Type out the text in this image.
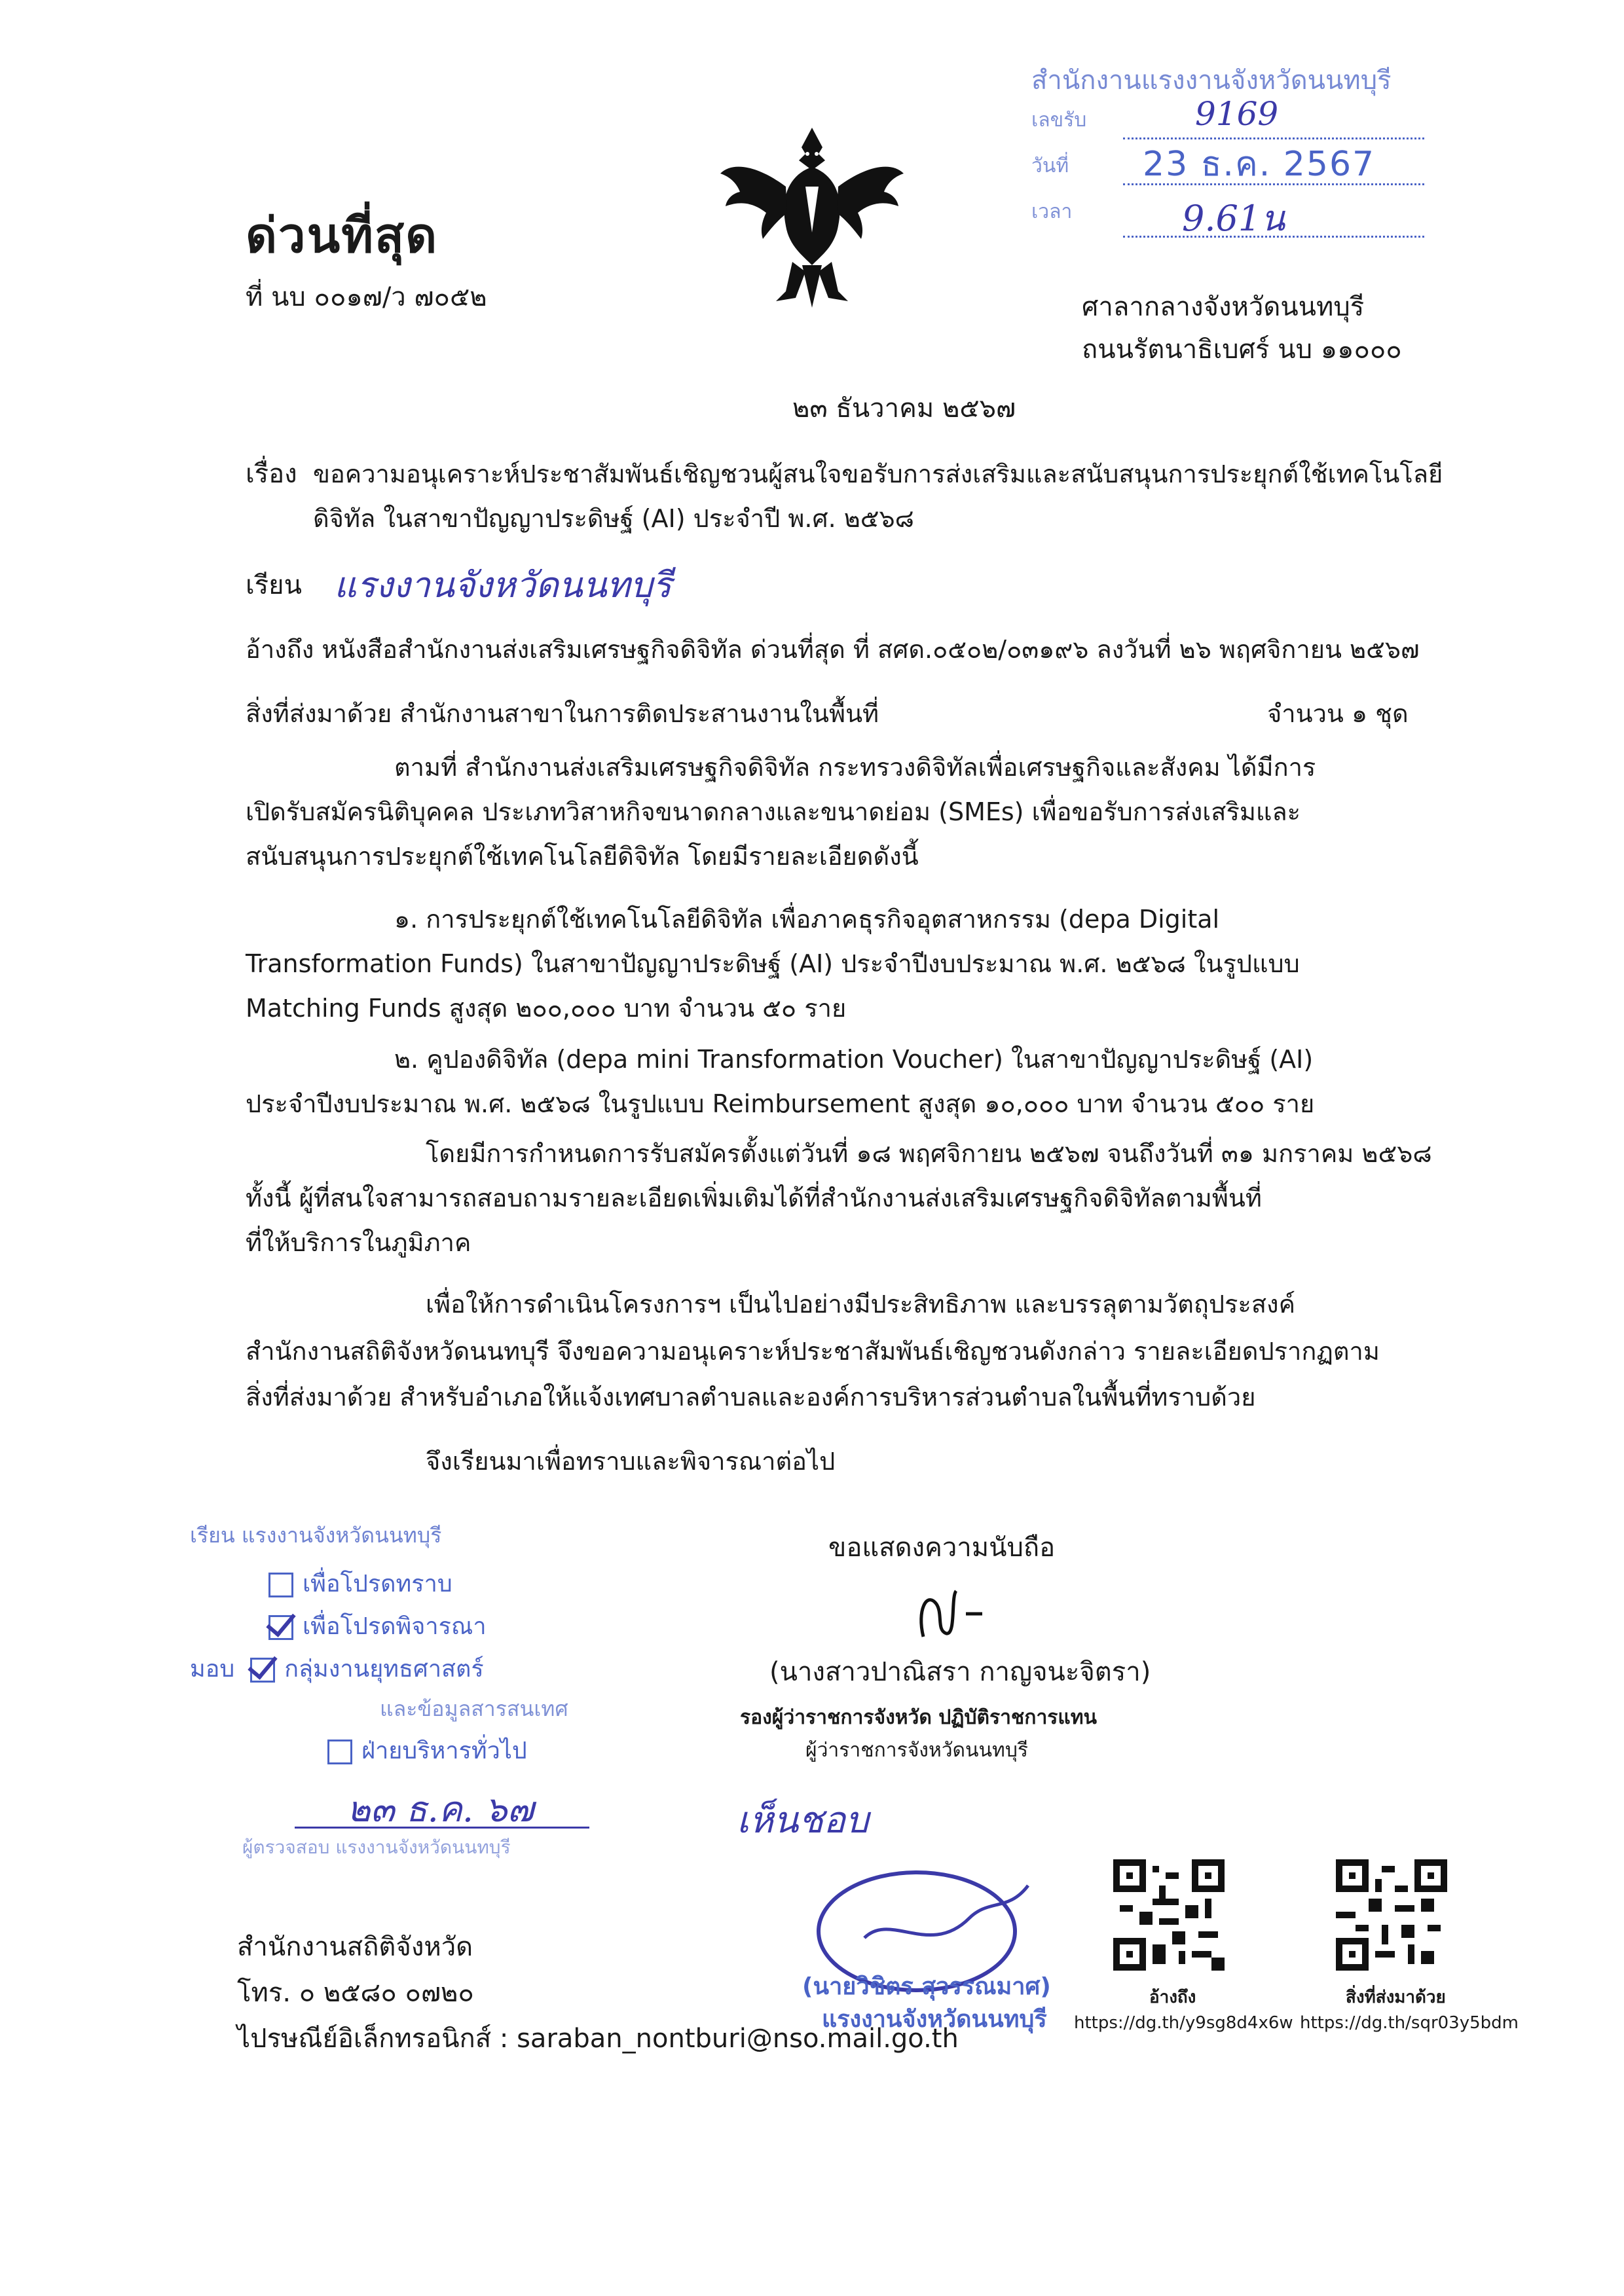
สำนักงานแรงงานจังหวัดนนทบุรี
เลขรับ	9169
วันที่ 23 ธ.ค. 2567
เวลา	9.61น
ด่วนที่สุด
ที่ นบ ๐๐๑๗/ว ๗๐๕๒	ศาลากลางจังหวัดนนทบุรี
ถนนรัตนาธิเบศร์ นบ ๑๑๐๐๐
๒๓ ธันวาคม ๒๕๖๗
เรื่อง ขอความอนุเคราะห์ประชาสัมพันธ์เชิญชวนผู้สนใจขอรับการส่งเสริมและสนับสนุนการประยุกต์ใช้เทคโนโลยี
ดิจิทัล ในสาขาปัญญาประดิษฐ์ (AI) ประจำปี พ.ศ. ๒๕๖๘
เรียน แรงงานจังหวัดนนทบุรี
อ้างถึง หนังสือสำนักงานส่งเสริมเศรษฐกิจดิจิทัล ด่วนที่สุด ที่ สศด.๐๕๐๒/๐๓๑๙๖ ลงวันที่ ๒๖ พฤศจิกายน ๒๕๖๗
สิ่งที่ส่งมาด้วย สำนักงานสาขาในการติดประสานงานในพื้นที่	จำนวน ๑ ชุด
ตามที่ สำนักงานส่งเสริมเศรษฐกิจดิจิทัล กระทรวงดิจิทัลเพื่อเศรษฐกิจและสังคม ได้มีการ
เปิดรับสมัครนิติบุคคล ประเภทวิสาหกิจขนาดกลางและขนาดย่อม (SMEs) เพื่อขอรับการส่งเสริมและ
สนับสนุนการประยุกต์ใช้เทคโนโลยีดิจิทัล โดยมีรายละเอียดดังนี้
๑. การประยุกต์ใช้เทคโนโลยีดิจิทัล เพื่อภาคธุรกิจอุตสาหกรรม (depa Digital
Transformation Funds) ในสาขาปัญญาประดิษฐ์ (AI) ประจำปีงบประมาณ พ.ศ. ๒๕๖๘ ในรูปแบบ
Matching Funds สูงสุด ๒๐๐,๐๐๐ บาท จำนวน ๕๐ ราย
๒. คูปองดิจิทัล (depa mini Transformation Voucher) ในสาขาปัญญาประดิษฐ์ (AI)
ประจำปีงบประมาณ พ.ศ. ๒๕๖๘ ในรูปแบบ Reimbursement สูงสุด ๑๐,๐๐๐ บาท จำนวน ๕๐๐ ราย
โดยมีการกำหนดการรับสมัครตั้งแต่วันที่ ๑๘ พฤศจิกายน ๒๕๖๗ จนถึงวันที่ ๓๑ มกราคม ๒๕๖๘
ทั้งนี้ ผู้ที่สนใจสามารถสอบถามรายละเอียดเพิ่มเติมได้ที่สำนักงานส่งเสริมเศรษฐกิจดิจิทัลตามพื้นที่
ที่ให้บริการในภูมิภาค
เพื่อให้การดำเนินโครงการฯ เป็นไปอย่างมีประสิทธิภาพ และบรรลุตามวัตถุประสงค์
สำนักงานสถิติจังหวัดนนทบุรี จึงขอความอนุเคราะห์ประชาสัมพันธ์เชิญชวนดังกล่าว รายละเอียดปรากฏตาม
สิ่งที่ส่งมาด้วย สำหรับอำเภอให้แจ้งเทศบาลตำบลและองค์การบริหารส่วนตำบลในพื้นที่ทราบด้วย
จึงเรียนมาเพื่อทราบและพิจารณาต่อไป
เรียน แรงงานจังหวัดนนทบุรี
เพื่อโปรดทราบ
เพื่อโปรดพิจารณา
มอบ กลุ่มงานยุทธศาสตร์
และข้อมูลสารสนเทศ
ฝ่ายบริหารทั่วไป
๒๓ ธ.ค. ๖๗
ผู้ตรวจสอบ แรงงานจังหวัดนนทบุรี
ขอแสดงความนับถือ
(นางสาวปาณิสรา กาญจนะจิตรา)
รองผู้ว่าราชการจังหวัด ปฏิบัติราชการแทน
ผู้ว่าราชการจังหวัดนนทบุรี
เห็นชอบ
(นายวิชิตร สุวรรณมาศ)
แรงงานจังหวัดนนทบุรี
อ้างถึง
https://dg.th/y9sg8d4x6w
สิ่งที่ส่งมาด้วย
https://dg.th/sqr03y5bdm
สำนักงานสถิติจังหวัด
โทร. ๐ ๒๕๘๐ ๐๗๒๐
ไปรษณีย์อิเล็กทรอนิกส์ : saraban_nontburi@nso.mail.go.th
